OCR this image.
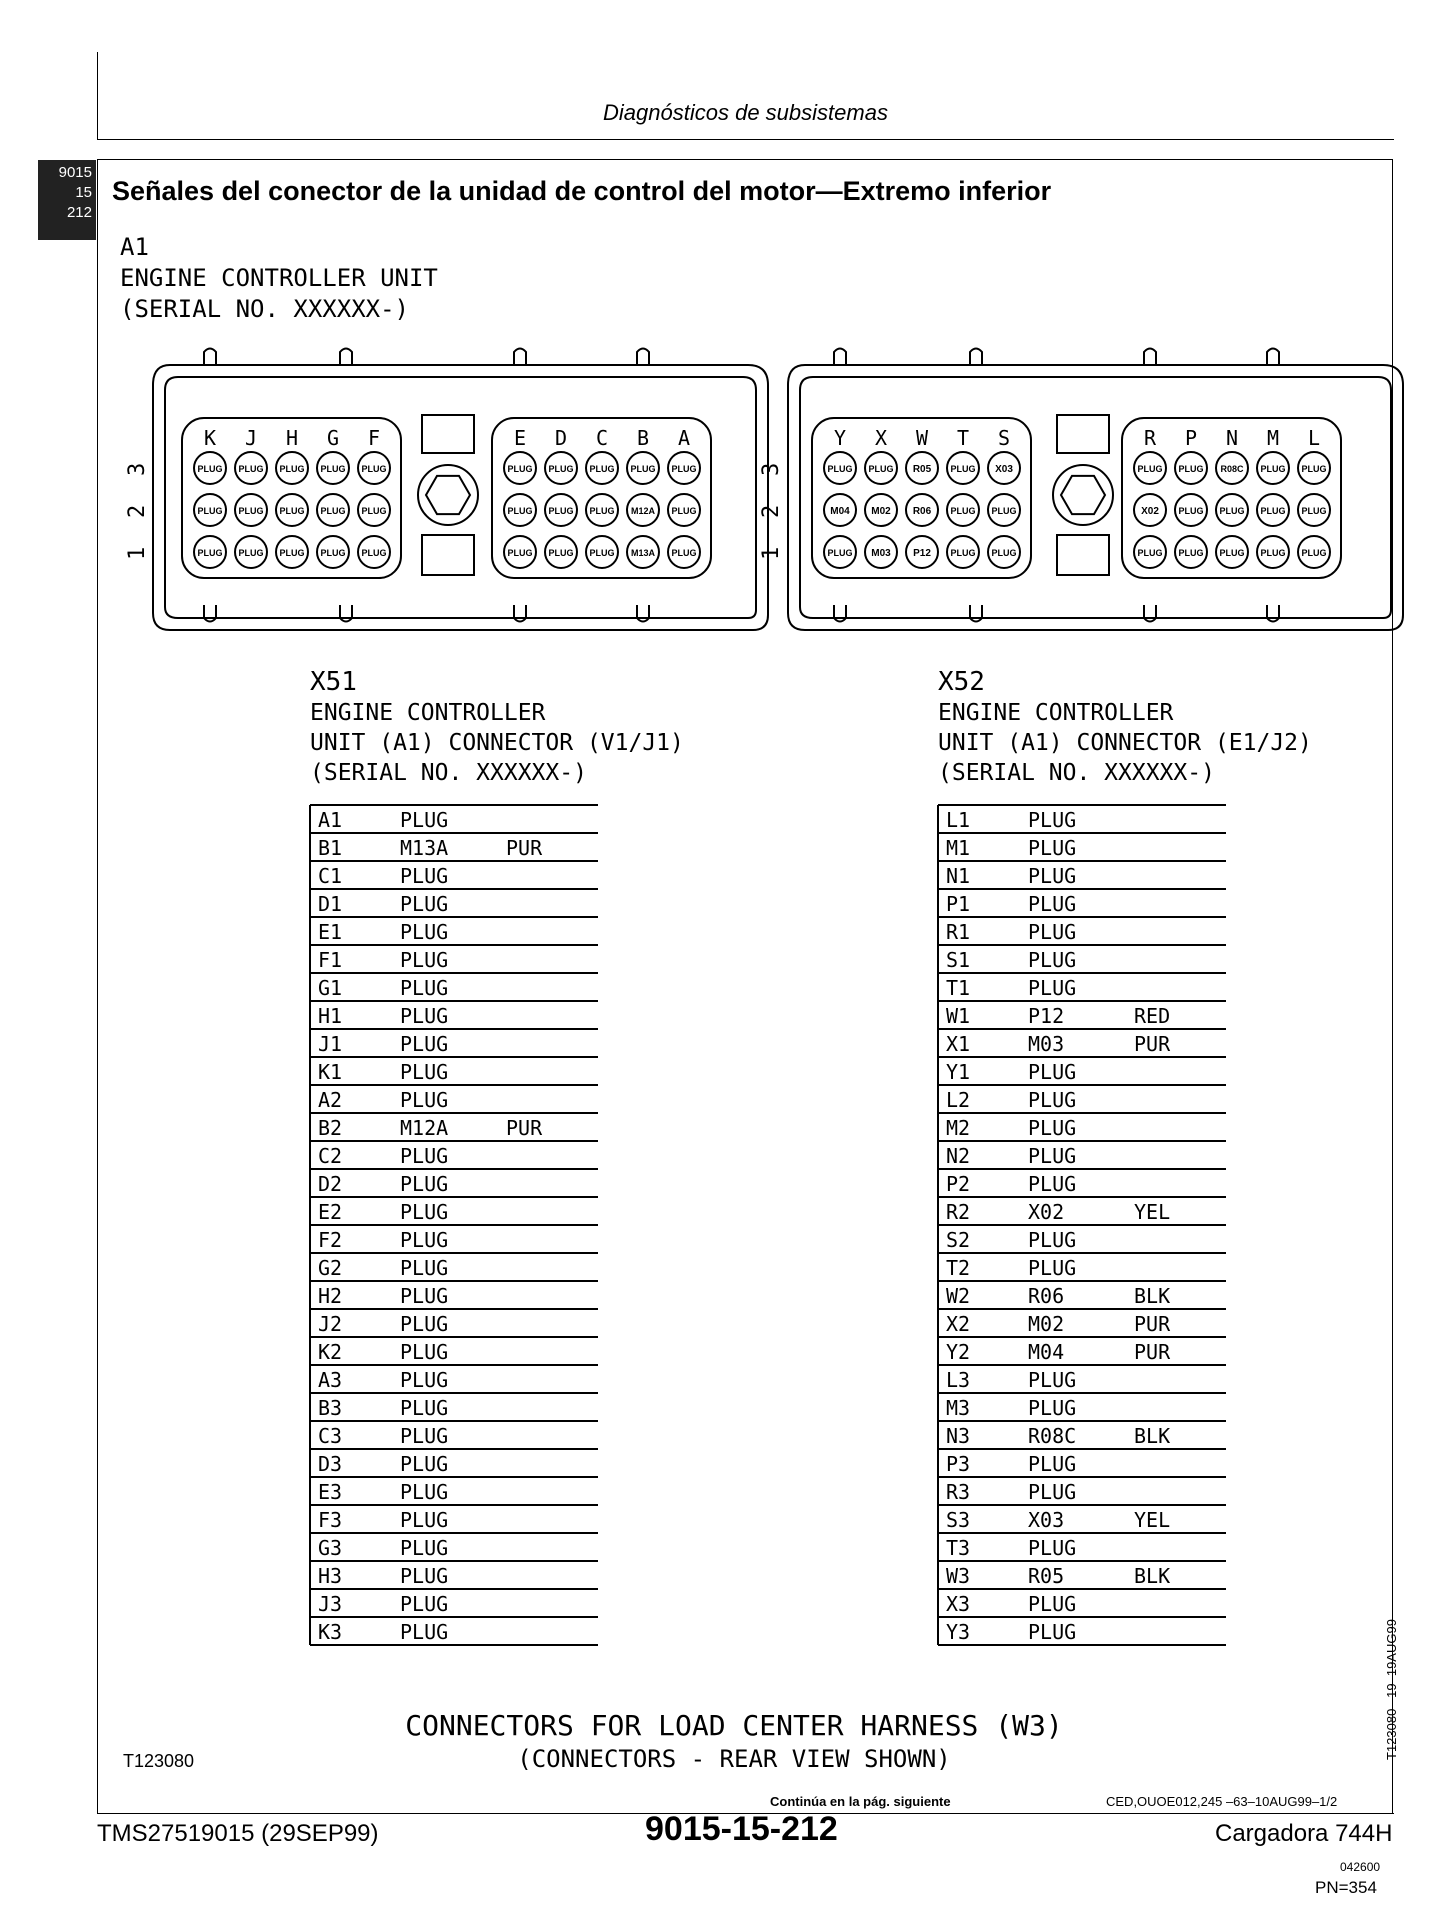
Diagnósticos de subsistemas
9015
15
212
Señales del conector de la unidad de control del motor—Extremo inferior
A1
ENGINE CONTROLLER UNIT
(SERIAL NO. XXXXXX-)
K J H G F
PLUG PLUG PLUG PLUG PLUG
PLUG PLUG PLUG PLUG PLUG
PLUG PLUG PLUG PLUG PLUG
E D C B A
PLUG PLUG PLUG PLUG PLUG
PLUG PLUG PLUG M12A PLUG
PLUG PLUG PLUG M13A PLUG
Y X W T S
PLUG PLUG R05 PLUG X03
M04 M02 R06 PLUG PLUG
PLUG M03 P12 PLUG PLUG
R P N M L
PLUG PLUG R08C PLUG PLUG
X02 PLUG PLUG PLUG PLUG
PLUG PLUG PLUG PLUG PLUG
3
2
1
3
2
1
X51
ENGINE CONTROLLER
UNIT (A1) CONNECTOR (V1/J1)
(SERIAL NO. XXXXXX-)
A1	PLUG
B1	M13A	PUR
C1	PLUG
D1	PLUG
E1	PLUG
F1	PLUG
G1	PLUG
H1	PLUG
J1	PLUG
K1	PLUG
A2	PLUG
B2	M12A	PUR
C2	PLUG
D2	PLUG
E2	PLUG
F2	PLUG
G2	PLUG
H2	PLUG
J2	PLUG
K2	PLUG
A3	PLUG
B3	PLUG
C3	PLUG
D3	PLUG
E3	PLUG
F3	PLUG
G3	PLUG
H3	PLUG
J3	PLUG
K3	PLUG
X52
ENGINE CONTROLLER
UNIT (A1) CONNECTOR (E1/J2)
(SERIAL NO. XXXXXX-)
L1	PLUG
M1	PLUG
N1	PLUG
P1	PLUG
R1	PLUG
S1	PLUG
T1	PLUG
W1	P12	RED
X1	M03	PUR
Y1	PLUG
L2	PLUG
M2	PLUG
N2	PLUG
P2	PLUG
R2	X02	YEL
S2	PLUG
T2	PLUG
W2	R06	BLK
X2	M02	PUR
Y2	M04	PUR
L3	PLUG
M3	PLUG
N3	R08C	BLK
P3	PLUG
R3	PLUG
S3	X03	YEL
T3	PLUG
W3	R05	BLK
X3	PLUG
Y3	PLUG
CONNECTORS FOR LOAD CENTER HARNESS (W3)
(CONNECTORS - REAR VIEW SHOWN)
T123080
T123080 –19–19AUG99
Continúa en la pág. siguiente	CED,OUOE012,245 –63–10AUG99–1/2
TMS27519015 (29SEP99)	9015-15-212	Cargadora 744H
042600
PN=354
